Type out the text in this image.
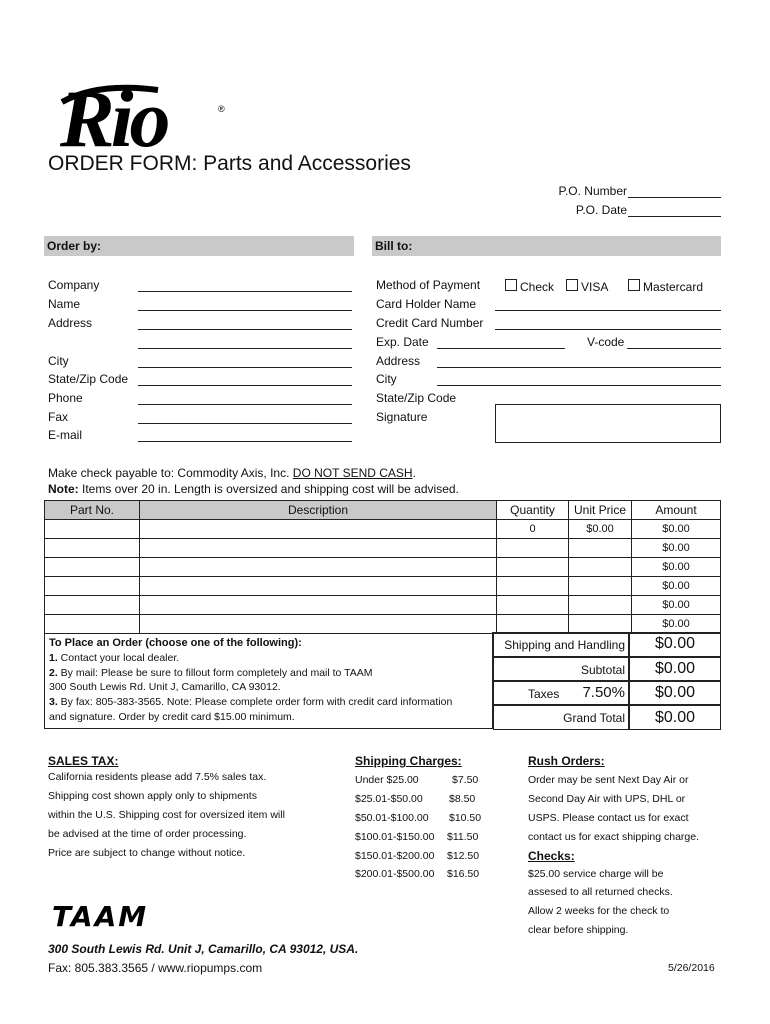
Rio	®
ORDER FORM: Parts and Accessories
P.O. Number
P.O. Date
Order by:	Bill to:
Company
Name
Address
City
State/Zip Code
Phone
Fax
E-mail
Method of Payment	Check VISA	Mastercard
Card Holder Name
Credit Card Number
Exp. Date	V-code
Address
City
State/Zip Code
Signature
Make check payable to: Commodity Axis, Inc. DO NOT SEND CASH.
Note: Items over 20 in. Length is oversized and shipping cost will be advised.
Part No.	Description	Quantity	Unit Price	Amount
		0	$0.00	$0.00
				$0.00
				$0.00
				$0.00
				$0.00
				$0.00
To Place an Order (choose one of the following):
1. Contact your local dealer.
2. By mail: Please be sure to fillout form completely and mail to TAAM
300 South Lewis Rd. Unit J, Camarillo, CA 93012.
3. By fax: 805-383-3565. Note: Please complete order form with credit card information
and signature. Order by credit card $15.00 minimum.
Shipping and Handling $0.00
Subtotal $0.00
Taxes 7.50% $0.00
Grand Total $0.00
SALES TAX:
California residents please add 7.5% sales tax.
Shipping cost shown apply only to shipments
within the U.S. Shipping cost for oversized item will
be advised at the time of order processing.
Price are subject to change without notice.
Shipping Charges:
Under $25.00	$7.50
$25.01-$50.00	$8.50
$50.01-$100.00 $10.50
$100.01-$150.00 $11.50
$150.01-$200.00 $12.50
$200.01-$500.00 $16.50
Rush Orders:
Order may be sent Next Day Air or
Second Day Air with UPS, DHL or
USPS. Please contact us for exact
contact us for exact shipping charge.
Checks:
$25.00 service charge will be
assesed to all returned checks.
Allow 2 weeks for the check to
clear before shipping.
TAAM
300 South Lewis Rd. Unit J, Camarillo, CA 93012, USA.
Fax: 805.383.3565 / www.riopumps.com	5/26/2016
